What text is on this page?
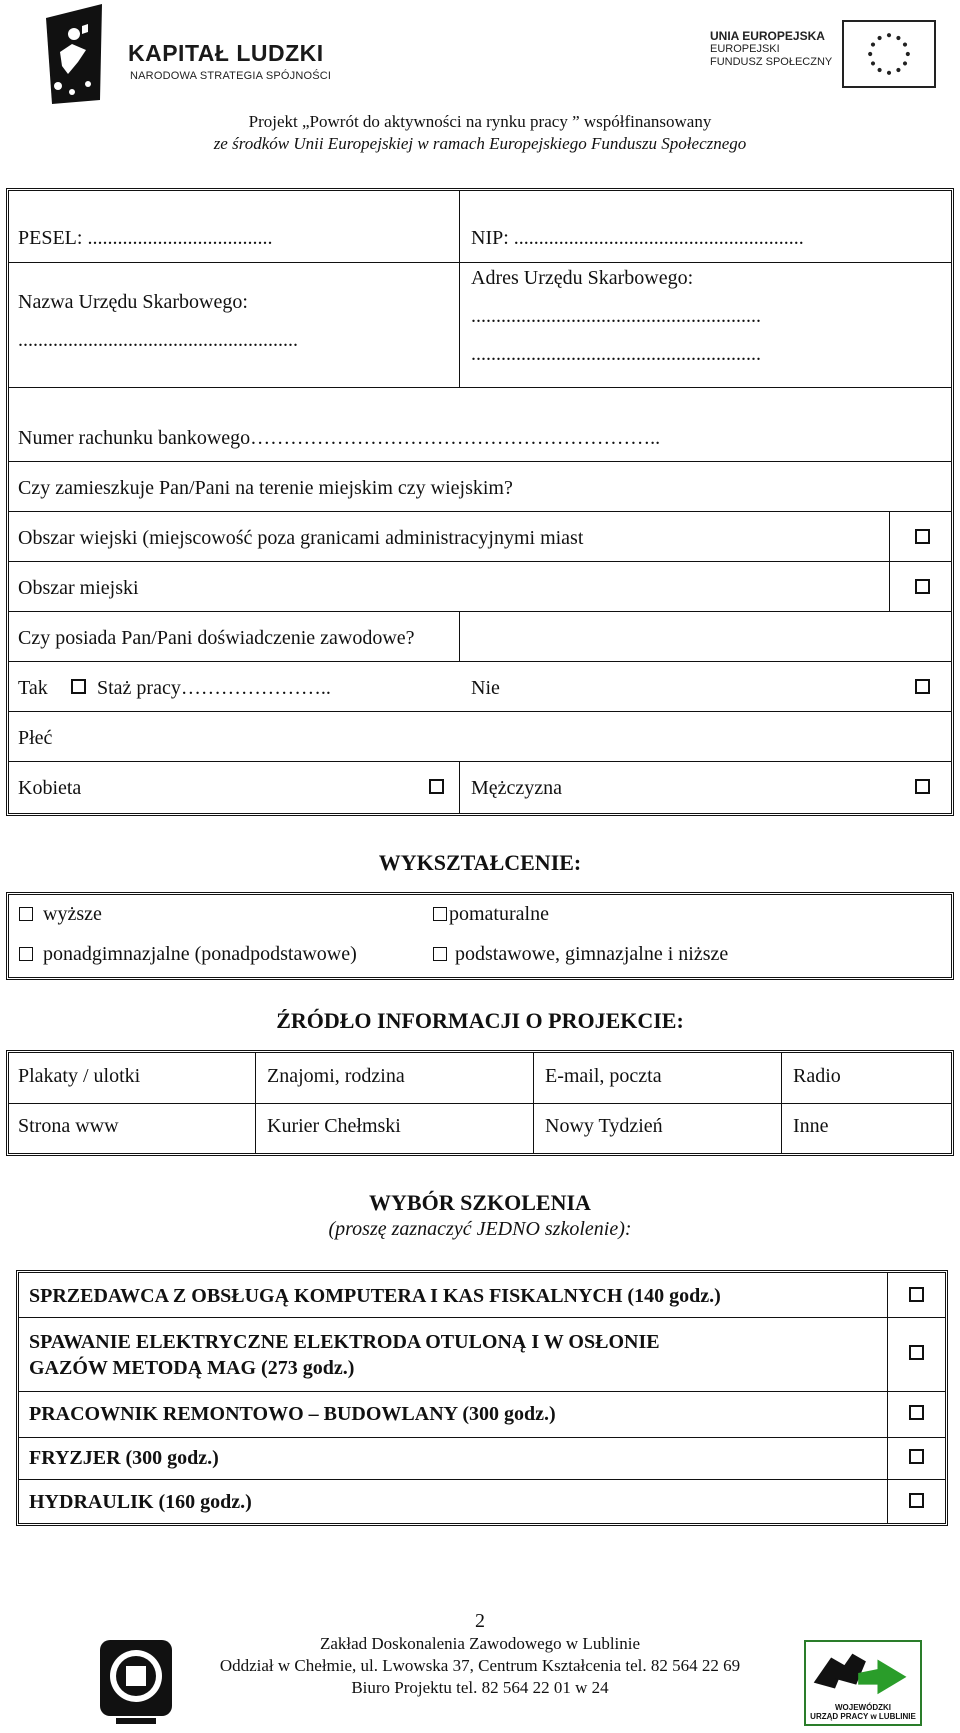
KAPITAŁ LUDZKI
NARODOWA STRATEGIA SPÓJNOŚCI
UNIA EUROPEJSKA
EUROPEJSKI
FUNDUSZ SPOŁECZNY
Projekt „Powrót do aktywności na rynku pracy ” współfinansowany
ze środków Unii Europejskiej w ramach Europejskiego Funduszu Społecznego
PESEL: .....................................	NIP: ..........................................................
Nazwa Urzędu Skarbowego:
........................................................
Adres Urzędu Skarbowego:
..........................................................
..........................................................
Numer rachunku bankowego……………………………………………………..
Czy zamieszkuje Pan/Pani na terenie miejskim czy wiejskim?
Obszar wiejski (miejscowość poza granicami administracyjnymi miast
Obszar miejski
Czy posiada Pan/Pani doświadczenie zawodowe?
Tak Staż pracy…………………..	Nie
Płeć
Kobieta	Mężczyzna
WYKSZTAŁCENIE:
wyższe	pomaturalne
ponadgimnazjalne (ponadpodstawowe)	podstawowe, gimnazjalne i niższe
ŹRÓDŁO INFORMACJI O PROJEKCIE:
Plakaty / ulotki	Znajomi, rodzina	E-mail, poczta	Radio
Strona www	Kurier Chełmski	Nowy Tydzień	Inne
WYBÓR SZKOLENIA
(proszę zaznaczyć JEDNO szkolenie):
SPRZEDAWCA Z OBSŁUGĄ KOMPUTERA I KAS FISKALNYCH (140 godz.)
SPAWANIE ELEKTRYCZNE ELEKTRODA OTULONĄ I W OSŁONIE
GAZÓW METODĄ MAG (273 godz.)
PRACOWNIK REMONTOWO – BUDOWLANY (300 godz.)
FRYZJER (300 godz.)
HYDRAULIK (160 godz.)
2
Zakład Doskonalenia Zawodowego w Lublinie
Oddział w Chełmie, ul. Lwowska 37, Centrum Kształcenia tel. 82 564 22 69
Biuro Projektu tel. 82 564 22 01 w 24
WOJEWÓDZKI
URZĄD PRACY w LUBLINIE
